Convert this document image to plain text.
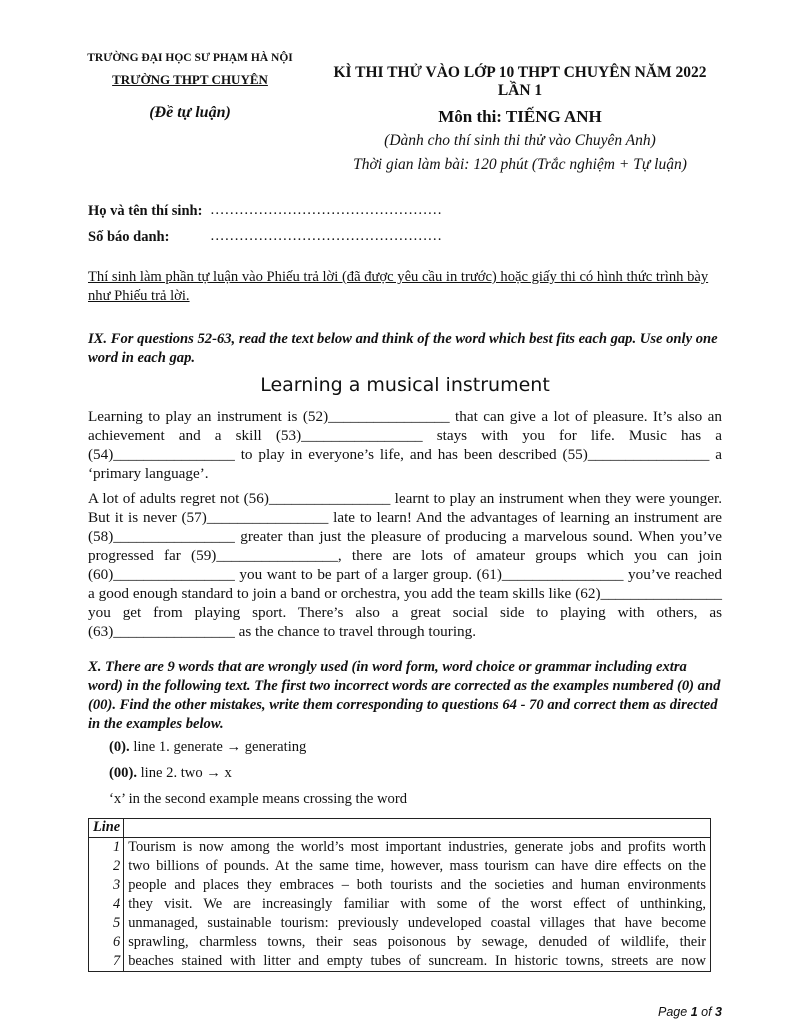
TRƯỜNG ĐẠI HỌC SƯ PHẠM HÀ NỘI
TRƯỜNG THPT CHUYÊN
(Đề tự luận)
KÌ THI THỬ VÀO LỚP 10 THPT CHUYÊN NĂM 2022
LẦN 1
Môn thi: TIẾNG ANH
(Dành cho thí sinh thi thử vào Chuyên Anh)
Thời gian làm bài: 120 phút (Trắc nghiệm + Tự luận)
Họ và tên thí sinh: …………………………………………
Số báo danh:	…………………………………………
Thí sinh làm phần tự luận vào Phiếu trả lời (đã được yêu cầu in trước) hoặc giấy thi có hình thức trình bày như Phiếu trả lời.
IX. For questions 52-63, read the text below and think of the word which best fits each gap. Use only one word in each gap.
Learning a musical instrument
Learning to play an instrument is (52)________________ that can give a lot of pleasure. It’s also an achievement and a skill (53)________________ stays with you for life. Music has a (54)________________ to play in everyone’s life, and has been described (55)________________ a ‘primary language’.
A lot of adults regret not (56)________________ learnt to play an instrument when they were younger. But it is never (57)________________ late to learn! And the advantages of learning an instrument are (58)________________ greater than just the pleasure of producing a marvelous sound. When you’ve progressed far (59)________________, there are lots of amateur groups which you can join (60)________________ you want to be part of a larger group. (61)________________ you’ve reached a good enough standard to join a band or orchestra, you add the team skills like (62)________________ you get from playing sport. There’s also a great social side to playing with others, as (63)________________ as the chance to travel through touring.
X. There are 9 words that are wrongly used (in word form, word choice or grammar including extra word) in the following text. The first two incorrect words are corrected as the examples numbered (0) and (00). Find the other mistakes, write them corresponding to questions 64 - 70 and correct them as directed in the examples below.
(0). line 1. generate → generating
(00). line 2. two → x
‘x’ in the second example means crossing the word
Line	
1	Tourism is now among the world’s most important industries, generate jobs and profits worth
2	two billions of pounds. At the same time, however, mass tourism can have dire effects on the
3	people and places they embraces – both tourists and the societies and human environments
4	they visit. We are increasingly familiar with some of the worst effect of unthinking,
5	unmanaged, sustainable tourism: previously undeveloped coastal villages that have become
6	sprawling, charmless towns, their seas poisonous by sewage, denuded of wildlife, their
7	beaches stained with litter and empty tubes of suncream. In historic towns, streets are now
Page 1 of 3
